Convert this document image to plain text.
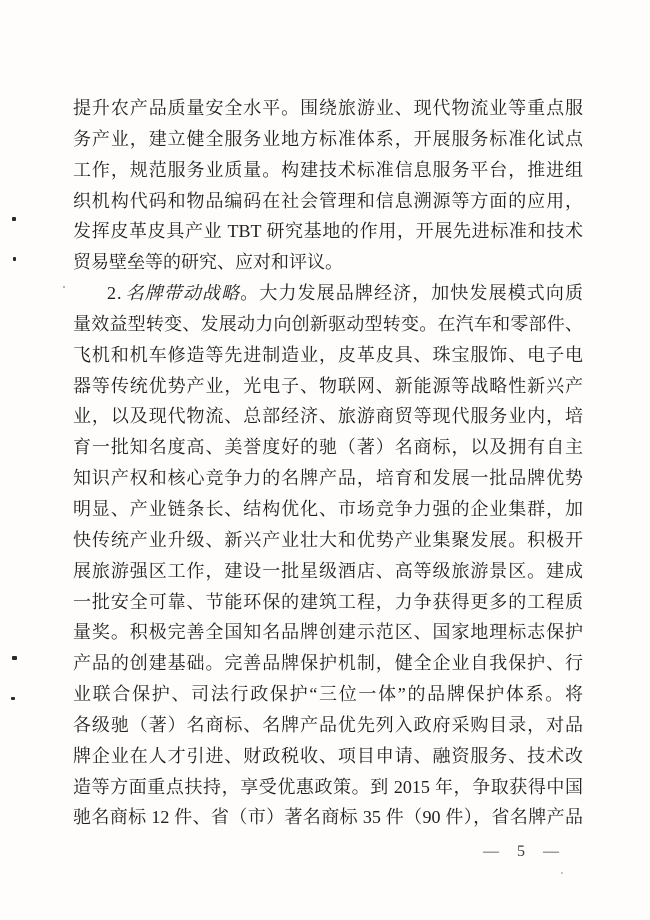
提升农产品质量安全水平。围绕旅游业、现代物流业等重点服
务产业，建立健全服务业地方标准体系，开展服务标准化试点
工作，规范服务业质量。构建技术标准信息服务平台，推进组
织机构代码和物品编码在社会管理和信息溯源等方面的应用，
发挥皮革皮具产业 TBT 研究基地的作用，开展先进标准和技术
贸易壁垒等的研究、应对和评议。
2. 名牌带动战略。大力发展品牌经济，加快发展模式向质
量效益型转变、发展动力向创新驱动型转变。在汽车和零部件、
飞机和机车修造等先进制造业，皮革皮具、珠宝服饰、电子电
器等传统优势产业，光电子、物联网、新能源等战略性新兴产
业，以及现代物流、总部经济、旅游商贸等现代服务业内，培
育一批知名度高、美誉度好的驰（著）名商标，以及拥有自主
知识产权和核心竞争力的名牌产品，培育和发展一批品牌优势
明显、产业链条长、结构优化、市场竞争力强的企业集群，加
快传统产业升级、新兴产业壮大和优势产业集聚发展。积极开
展旅游强区工作，建设一批星级酒店、高等级旅游景区。建成
一批安全可靠、节能环保的建筑工程，力争获得更多的工程质
量奖。积极完善全国知名品牌创建示范区、国家地理标志保护
产品的创建基础。完善品牌保护机制，健全企业自我保护、行
业联合保护、司法行政保护“三位一体”的品牌保护体系。将
各级驰（著）名商标、名牌产品优先列入政府采购目录，对品
牌企业在人才引进、财政税收、项目申请、融资服务、技术改
造等方面重点扶持，享受优惠政策。到 2015 年，争取获得中国
驰名商标 12 件、省（市）著名商标 35 件（90 件），省名牌产品
— 5 —
